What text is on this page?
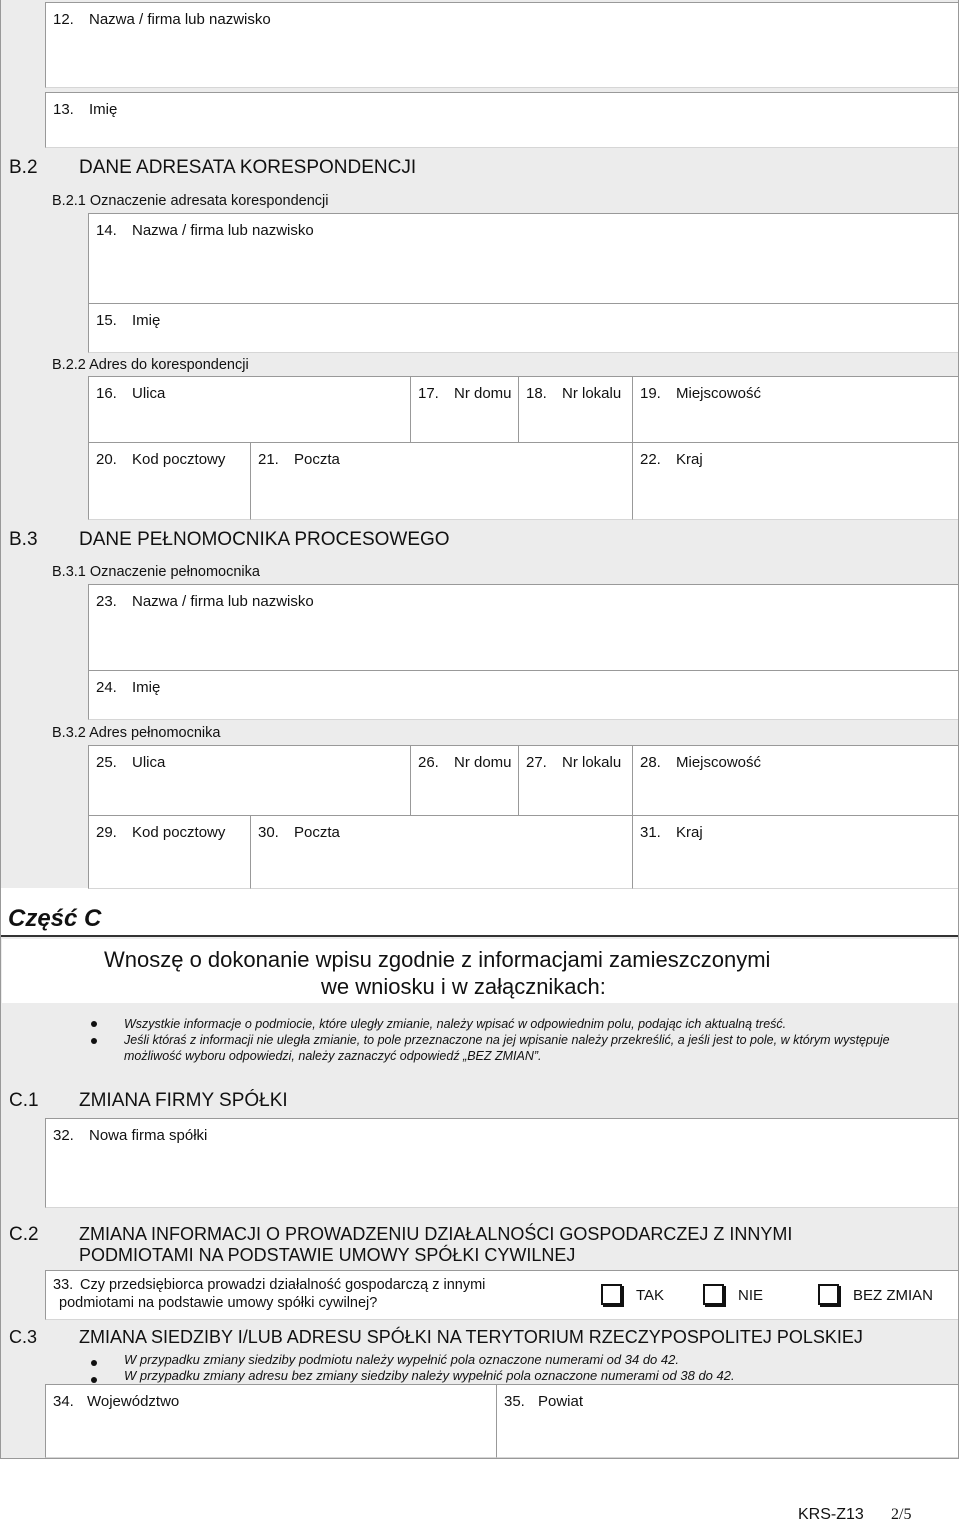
12. Nazwa / firma lub nazwisko
13. Imię
B.2 DANE ADRESATA KORESPONDENCJI
B.2.1 Oznaczenie adresata korespondencji
14. Nazwa / firma lub nazwisko
15. Imię
B.2.2 Adres do korespondencji
16. Ulica	17. Nr domu 18. Nr lokalu 19. Miejscowość
20. Kod pocztowy 21. Poczta	22. Kraj
B.3 DANE PEŁNOMOCNIKA PROCESOWEGO
B.3.1 Oznaczenie pełnomocnika
23. Nazwa / firma lub nazwisko
24. Imię
B.3.2 Adres pełnomocnika
25. Ulica	26. Nr domu 27. Nr lokalu 28. Miejscowość
29. Kod pocztowy 30. Poczta	31. Kraj
Część C
Wnoszę o dokonanie wpisu zgodnie z informacjami zamieszczonymi
we wniosku i w załącznikach:
Wszystkie informacje o podmiocie, które uległy zmianie, należy wpisać w odpowiednim polu, podając ich aktualną treść.
Jeśli któraś z informacji nie uległa zmianie, to pole przeznaczone na jej wpisanie należy przekreślić, a jeśli jest to pole, w którym występuje
możliwość wyboru odpowiedzi, należy zaznaczyć odpowiedź „BEZ ZMIAN”.
C.1 ZMIANA FIRMY SPÓŁKI
32. Nowa firma spółki
C.2 ZMIANA INFORMACJI O PROWADZENIU DZIAŁALNOŚCI GOSPODARCZEJ Z INNYMI
PODMIOTAMI NA PODSTAWIE UMOWY SPÓŁKI CYWILNEJ
33. Czy przedsiębiorca prowadzi działalność gospodarczą z innymi
podmiotami na podstawie umowy spółki cywilnej?	TAK	NIE	BEZ ZMIAN
C.3 ZMIANA SIEDZIBY I/LUB ADRESU SPÓŁKI NA TERYTORIUM RZECZYPOSPOLITEJ POLSKIEJ
W przypadku zmiany siedziby podmiotu należy wypełnić pola oznaczone numerami od 34 do 42.
W przypadku zmiany adresu bez zmiany siedziby należy wypełnić pola oznaczone numerami od 38 do 42.
34. Województwo	35. Powiat
KRS-Z13 2/5
